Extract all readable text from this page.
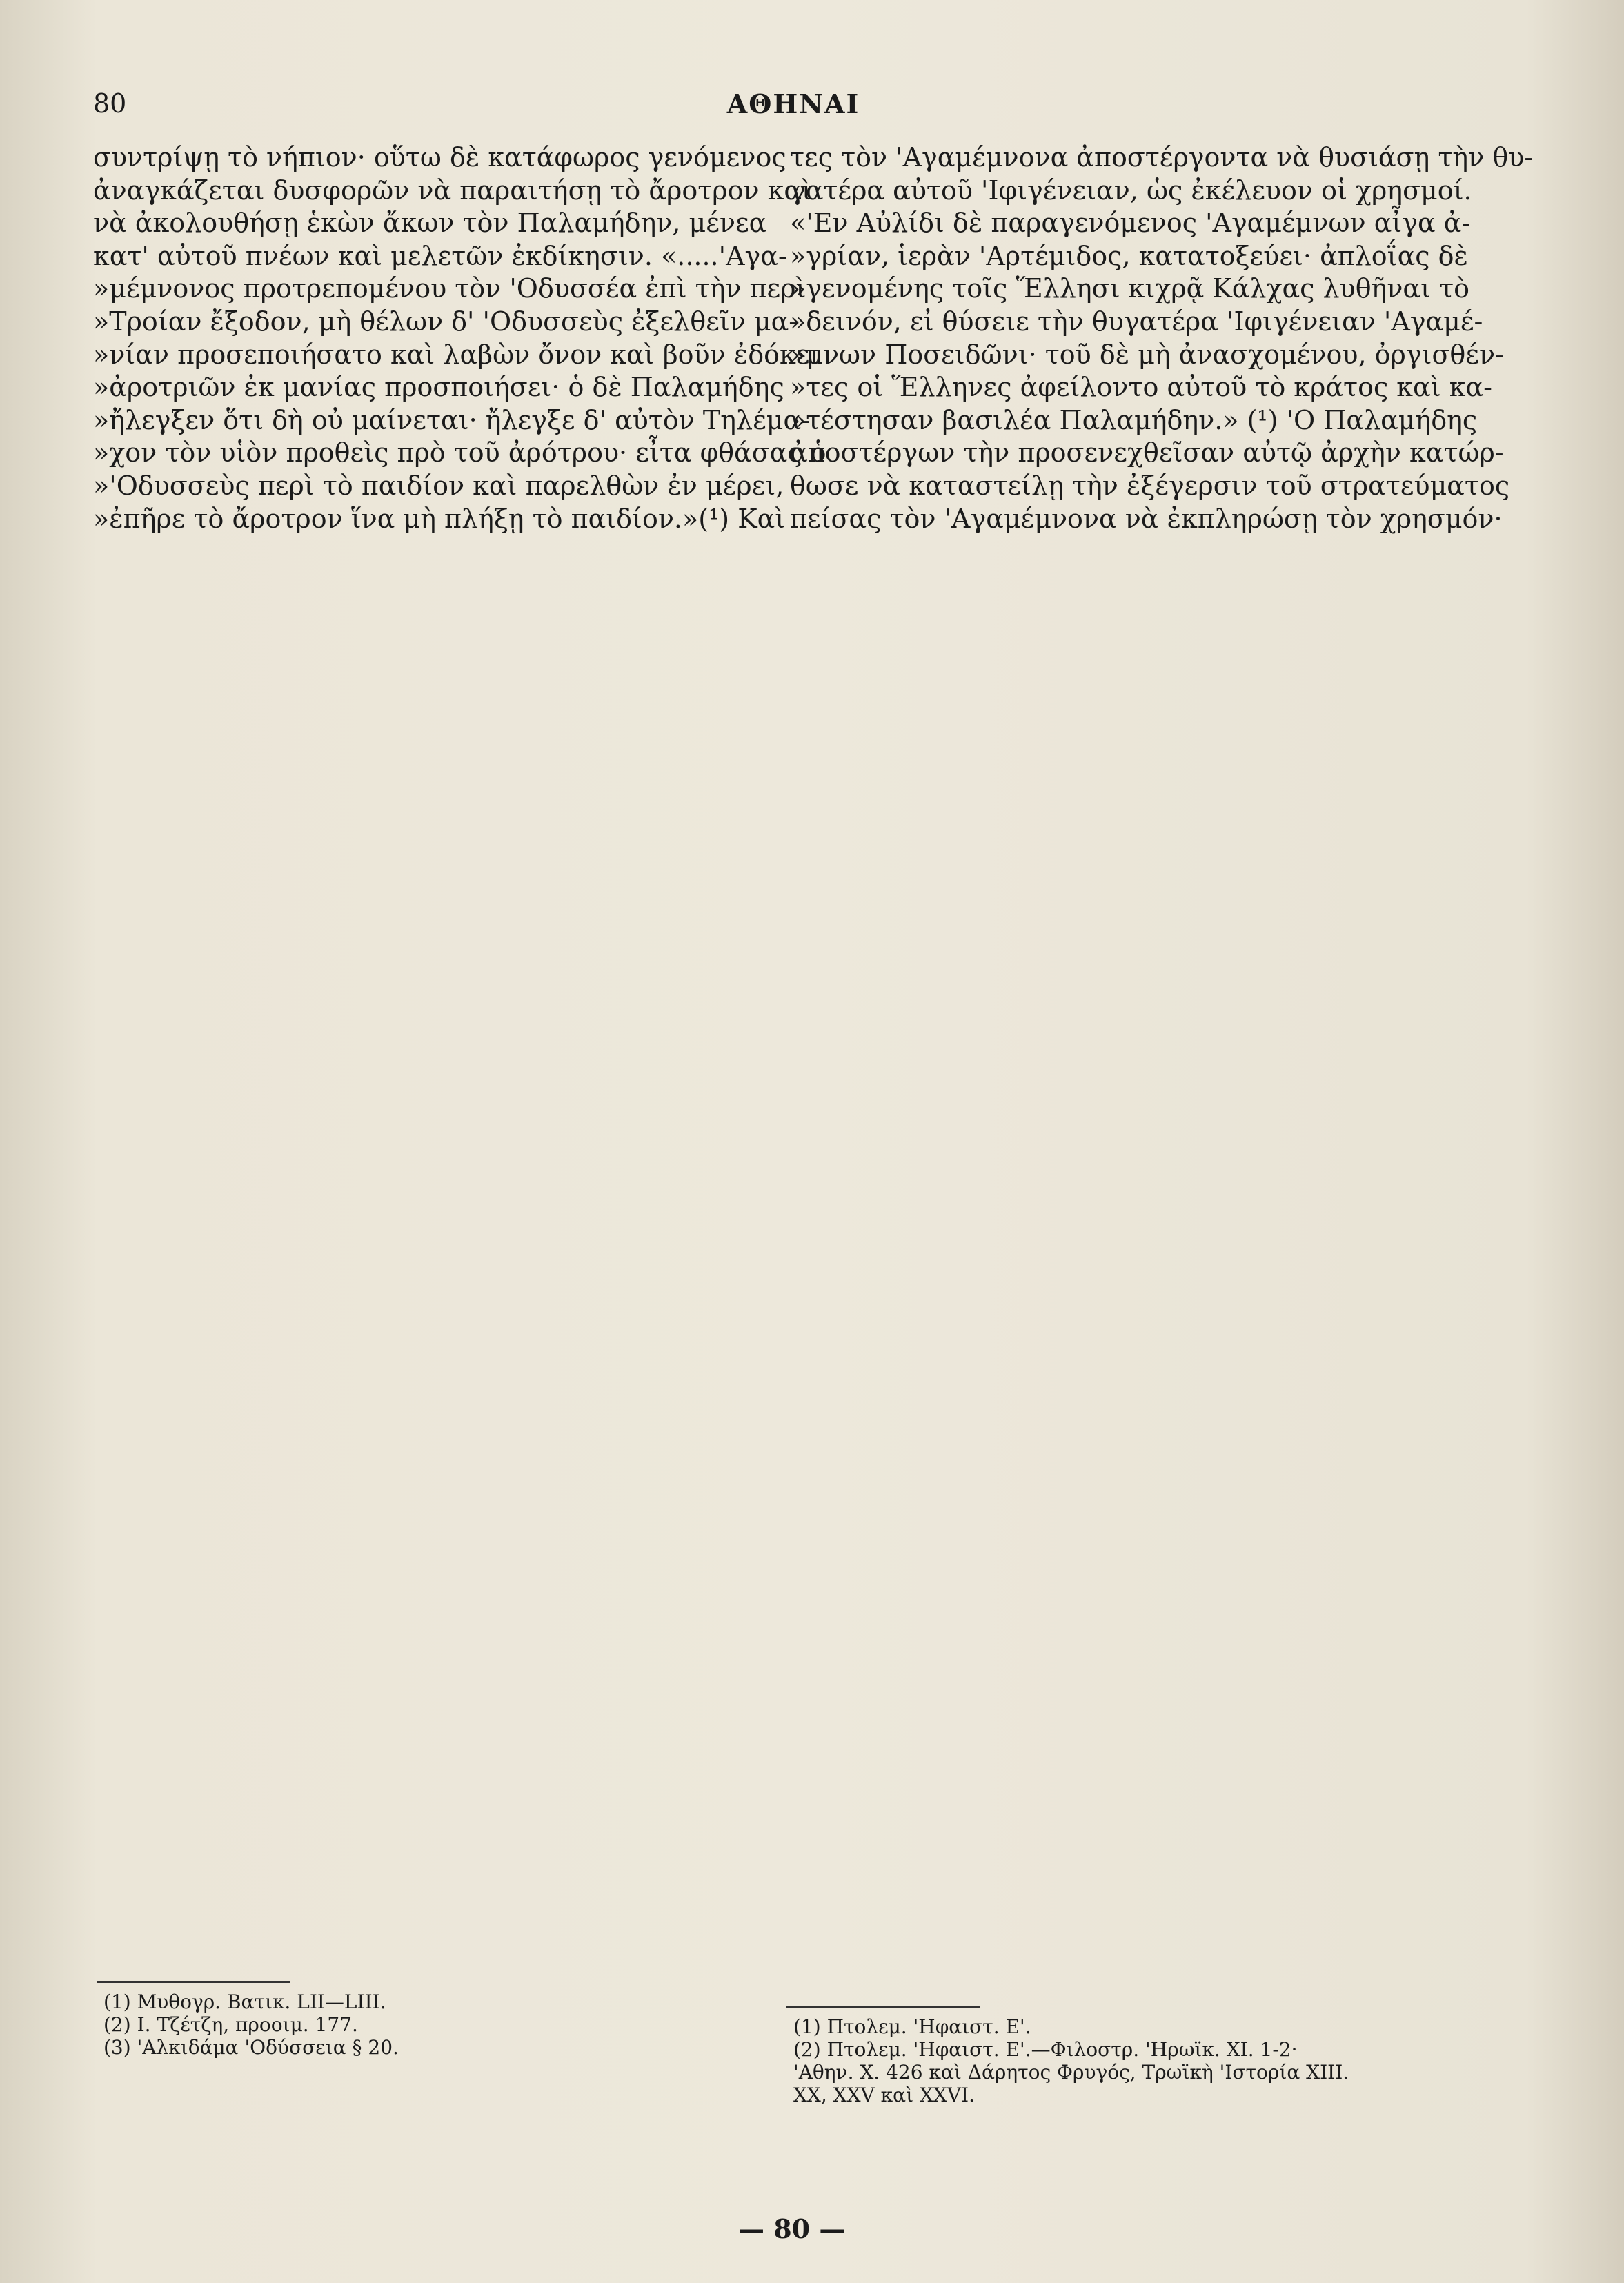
80	ΑΘΗΝΑΙ
συντρίψῃ τὸ νήπιον· οὕτω δὲ κατάφωρος γενόμενος
ἀναγκάζεται δυσφορῶν νὰ παραιτήσῃ τὸ ἄροτρον καὶ
νὰ ἀκολουθήσῃ ἑκὼν ἄκων τὸν Παλαμήδην, μένεα
κατ' αὐτοῦ πνέων καὶ μελετῶν ἐκδίκησιν. «.....'Αγα-
»μέμνονος προτρεπομένου τὸν 'Οδυσσέα ἐπὶ τὴν περὶ
»Τροίαν ἔξοδον, μὴ θέλων δ' 'Οδυσσεὺς ἐξελθεῖν μα-
»νίαν προσεποιήσατο καὶ λαβὼν ὄνον καὶ βοῦν ἐδόκει
»ἀροτριῶν ἐκ μανίας προσποιήσει· ὁ δὲ Παλαμήδης
»ἤλεγξεν ὅτι δὴ οὐ μαίνεται· ἤλεγξε δ' αὐτὸν Τηλέμα-
»χον τὸν υἱὸν προθεὶς πρὸ τοῦ ἀρότρου· εἶτα φθάσας ὁ
»'Οδυσσεὺς περὶ τὸ παιδίον καὶ παρελθὼν ἐν μέρει,
»ἐπῆρε τὸ ἄροτρον ἵνα μὴ πλήξῃ τὸ παιδίον.»(¹) Καὶ
τες τὸν 'Αγαμέμνονα ἀποστέργοντα νὰ θυσιάσῃ τὴν θυ-
γατέρα αὐτοῦ 'Ιφιγένειαν, ὡς ἐκέλευον οἱ χρησμοί.
«'Εν Αὐλίδι δὲ παραγενόμενος 'Αγαμέμνων αἶγα ἀ-
»γρίαν, ἱερὰν 'Αρτέμιδος, κατατοξεύει· ἀπλοΐας δὲ
»γενομένης τοῖς Ἕλλησι κιχρᾷ Κάλχας λυθῆναι τὸ
»δεινόν, εἰ θύσειε τὴν θυγατέρα 'Ιφιγένειαν 'Αγαμέ-
»μνων Ποσειδῶνι· τοῦ δὲ μὴ ἀνασχομένου, ὀργισθέν-
»τες οἱ Ἕλληνες ἀφείλοντο αὐτοῦ τὸ κράτος καὶ κα-
»τέστησαν βασιλέα Παλαμήδην.» (¹) 'Ο Παλαμήδης
ἀποστέργων τὴν προσενεχθεῖσαν αὐτῷ ἀρχὴν κατώρ-
θωσε νὰ καταστείλῃ τὴν ἐξέγερσιν τοῦ στρατεύματος
πείσας τὸν 'Αγαμέμνονα νὰ ἐκπληρώσῃ τὸν χρησμόν·
(1) Μυθογρ. Βατικ. LII—LIII.
(2) Ι. Τζέτζη, προοιμ. 177.
(3) 'Αλκιδάμα 'Οδύσσεια § 20.
(1) Πτολεμ. 'Ηφαιστ. Ε'.
(2) Πτολεμ. 'Ηφαιστ. Ε'.—Φιλοστρ. 'Ηρωϊκ. ΧΙ. 1-2·
'Αθην. Χ. 426 καὶ Δάρητος Φρυγός, Τρωϊκὴ 'Ιστορία ΧΙΙΙ.
ΧΧ, ΧΧV καὶ ΧΧVΙ.
— 80 —
